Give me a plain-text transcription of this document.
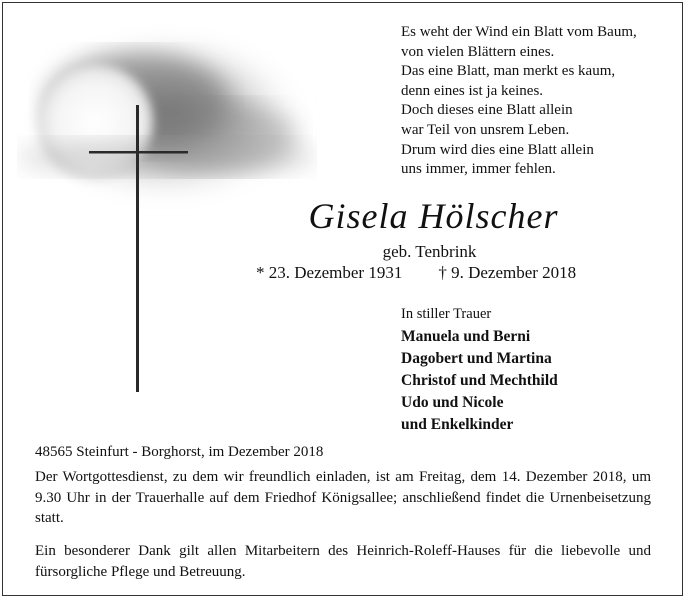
Es weht der Wind ein Blatt vom Baum,
von vielen Blättern eines.
Das eine Blatt, man merkt es kaum,
denn eines ist ja keines.
Doch dieses eine Blatt allein
war Teil von unsrem Leben.
Drum wird dies eine Blatt allein
uns immer, immer fehlen.
Gisela Hölscher
geb. Tenbrink
* 23. Dezember 1931 † 9. Dezember 2018
In stiller Trauer
Manuela und Berni
Dagobert und Martina
Christof und Mechthild
Udo und Nicole
und Enkelkinder
48565 Steinfurt - Borghorst, im Dezember 2018
Der Wortgottesdienst, zu dem wir freundlich einladen, ist am Freitag, dem 14. Dezember 2018, um 9.30 Uhr in der Trauerhalle auf dem Friedhof Königsallee; anschließend findet die Urnenbeisetzung statt.
Ein besonderer Dank gilt allen Mitarbeitern des Heinrich-Roleff-Hauses für die liebevolle und fürsorgliche Pflege und Betreuung.
